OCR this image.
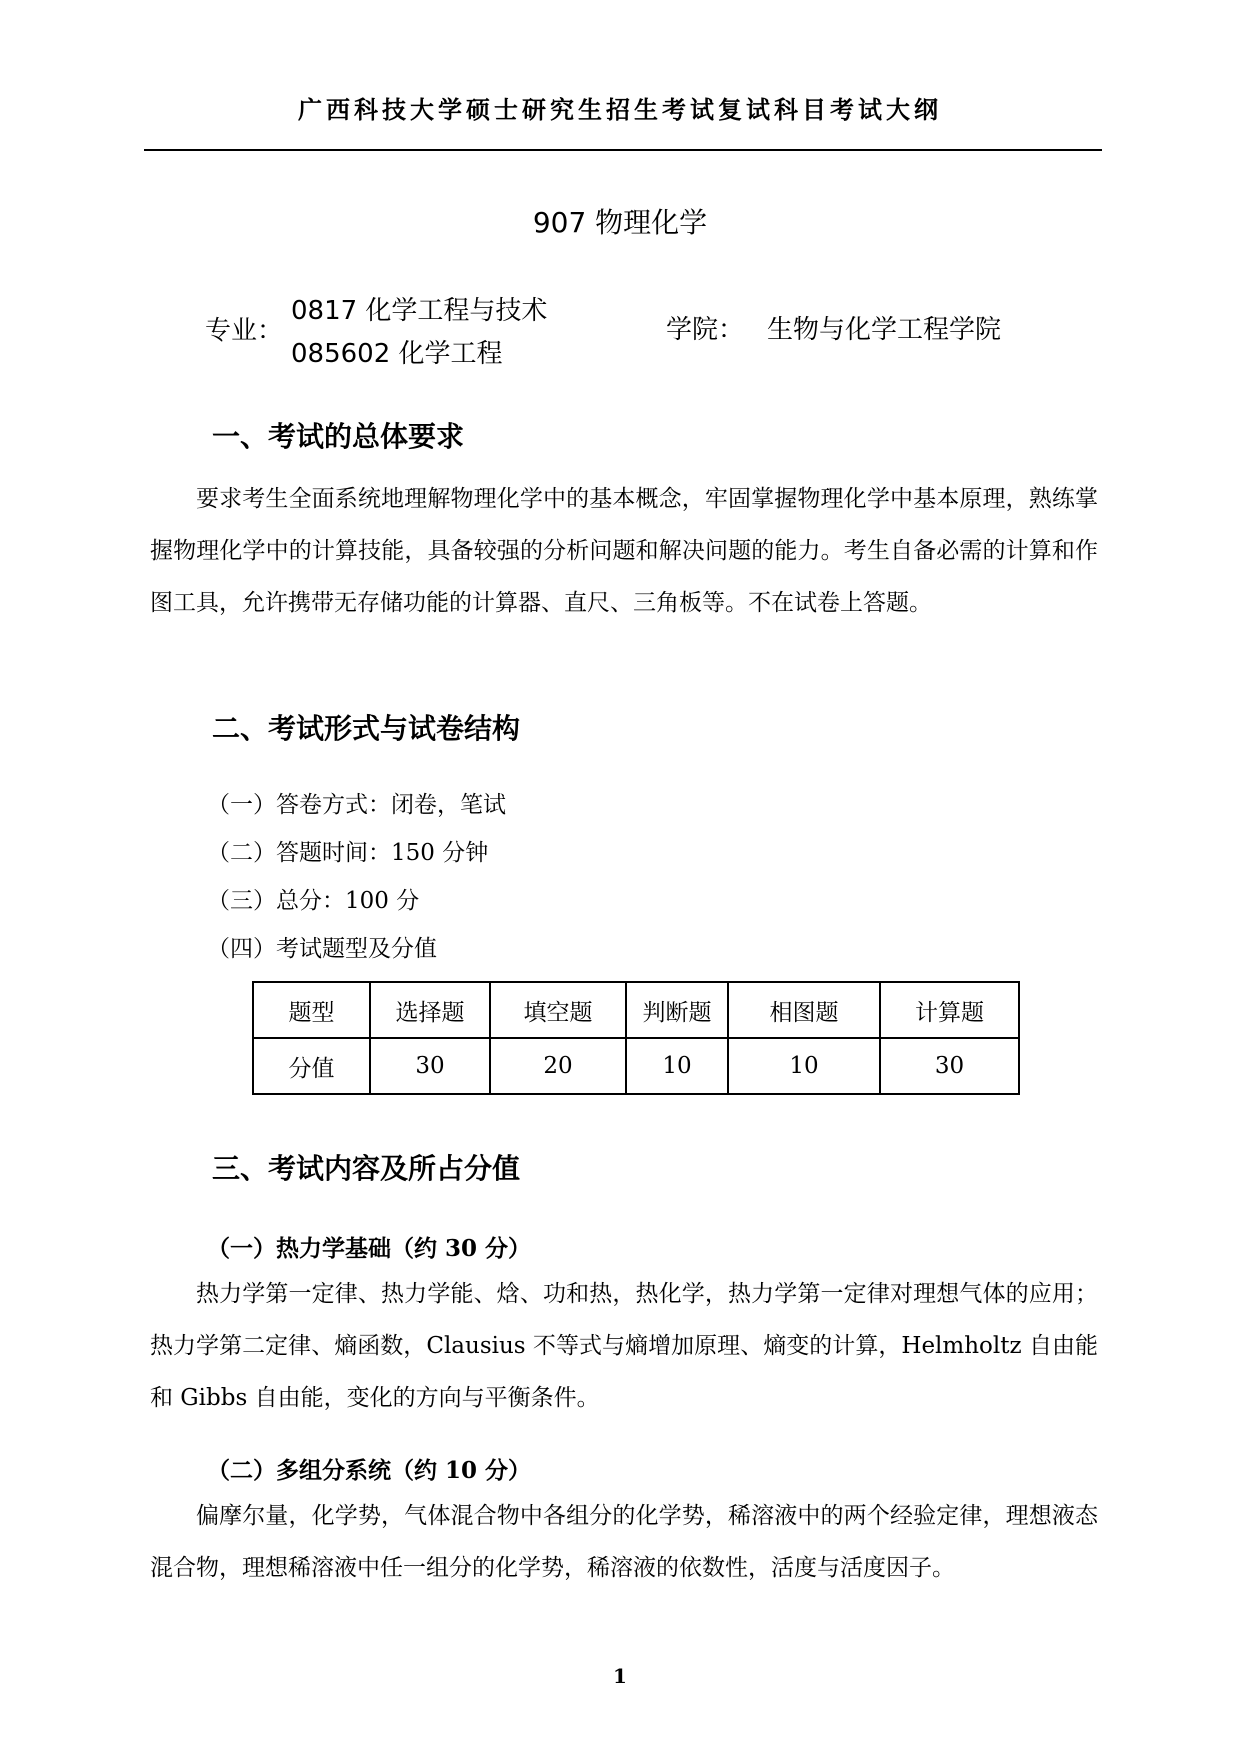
广西科技大学硕士研究生招生考试复试科目考试大纲
907 物理化学
专业：
0817 化学工程与技术
085602 化学工程
学院： 生物与化学工程学院
一、考试的总体要求
要求考生全面系统地理解物理化学中的基本概念，牢固掌握物理化学中基本原理，熟练掌握物理化学中的计算技能，具备较强的分析问题和解决问题的能力。考生自备必需的计算和作图工具，允许携带无存储功能的计算器、直尺、三角板等。不在试卷上答题。
二、考试形式与试卷结构
（一）答卷方式：闭卷，笔试
（二）答题时间：150 分钟
（三）总分：100 分
（四）考试题型及分值
题型	选择题	填空题	判断题	相图题	计算题
分值	30	20	10	10	30
三、考试内容及所占分值
（一）热力学基础（约 30 分）
热力学第一定律、热力学能、焓、功和热，热化学，热力学第一定律对理想气体的应用；热力学第二定律、熵函数，Clausius 不等式与熵增加原理、熵变的计算，Helmholtz 自由能和 Gibbs 自由能，变化的方向与平衡条件。
（二）多组分系统（约 10 分）
偏摩尔量，化学势，气体混合物中各组分的化学势，稀溶液中的两个经验定律，理想液态混合物，理想稀溶液中任一组分的化学势，稀溶液的依数性，活度与活度因子。
1
